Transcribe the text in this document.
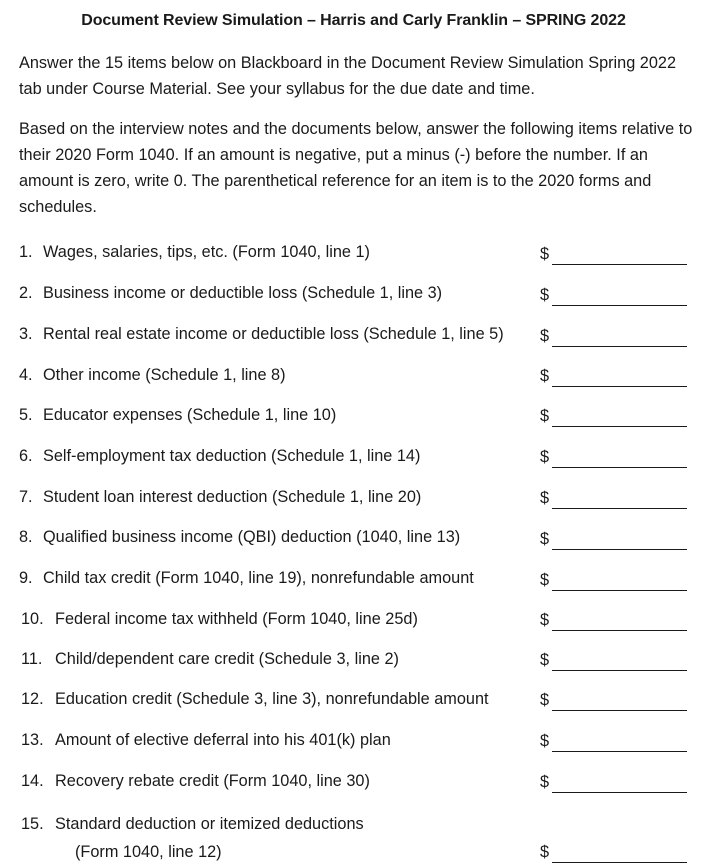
Document Review Simulation – Harris and Carly Franklin – SPRING 2022
Answer the 15 items below on Blackboard in the Document Review Simulation Spring 2022 tab under Course Material. See your syllabus for the due date and time.
Based on the interview notes and the documents below, answer the following items relative to their 2020 Form 1040. If an amount is negative, put a minus (-) before the number. If an amount is zero, write 0. The parenthetical reference for an item is to the 2020 forms and schedules.
1. Wages, salaries, tips, etc. (Form 1040, line 1)	$
2. Business income or deductible loss (Schedule 1, line 3)	$
3. Rental real estate income or deductible loss (Schedule 1, line 5) $
4. Other income (Schedule 1, line 8)	$
5. Educator expenses (Schedule 1, line 10)	$
6. Self-employment tax deduction (Schedule 1, line 14)	$
7. Student loan interest deduction (Schedule 1, line 20)	$
8. Qualified business income (QBI) deduction (1040, line 13)	$
9. Child tax credit (Form 1040, line 19), nonrefundable amount	$
10. Federal income tax withheld (Form 1040, line 25d)	$
11. Child/dependent care credit (Schedule 3, line 2)	$
12. Education credit (Schedule 3, line 3), nonrefundable amount	$
13. Amount of elective deferral into his 401(k) plan	$
14. Recovery rebate credit (Form 1040, line 30)	$
15. Standard deduction or itemized deductions
(Form 1040, line 12)	$
